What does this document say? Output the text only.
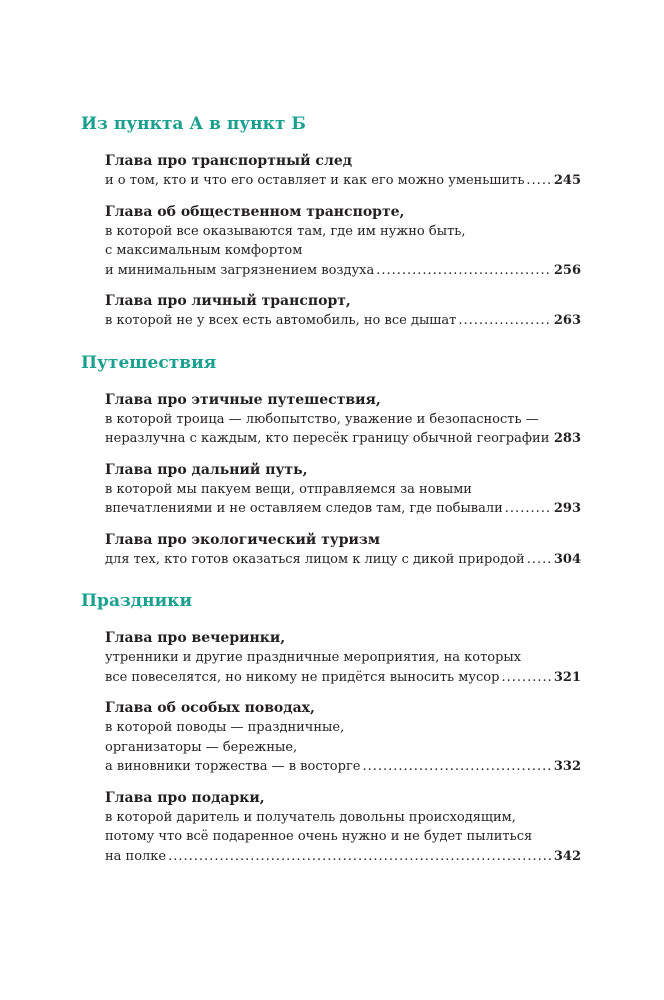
Из пункта А в пункт Б
Глава про транспортный след
и о том, кто и что его оставляет и как его можно уменьшить ..... 245
Глава об общественном транспорте,
в которой все оказываются там, где им нужно быть,
с максимальным комфортом
и минимальным загрязнением воздуха .....	256
Глава про личный транспорт,
в которой не у всех есть автомобиль, но все дышат .....	263
Путешествия
Глава про этичные путешествия,
в которой троица — любопытство, уважение и безопасность —
неразлучна с каждым, кто пересёк границу обычной географии ..... 283
Глава про дальний путь,
в которой мы пакуем вещи, отправляемся за новыми
впечатлениями и не оставляем следов там, где побывали .....	293
Глава про экологический туризм
для тех, кто готов оказаться лицом к лицу с дикой природой ..... 304
Праздники
Глава про вечеринки,
утренники и другие праздничные мероприятия, на которых
все повеселятся, но никому не придётся выносить мусор .....	321
Глава об особых поводах,
в которой поводы — праздничные,
организаторы — бережные,
а виновники торжества — в восторге .....	332
Глава про подарки,
в которой даритель и получатель довольны происходящим,
потому что всё подаренное очень нужно и не будет пылиться
на полке .....	342
